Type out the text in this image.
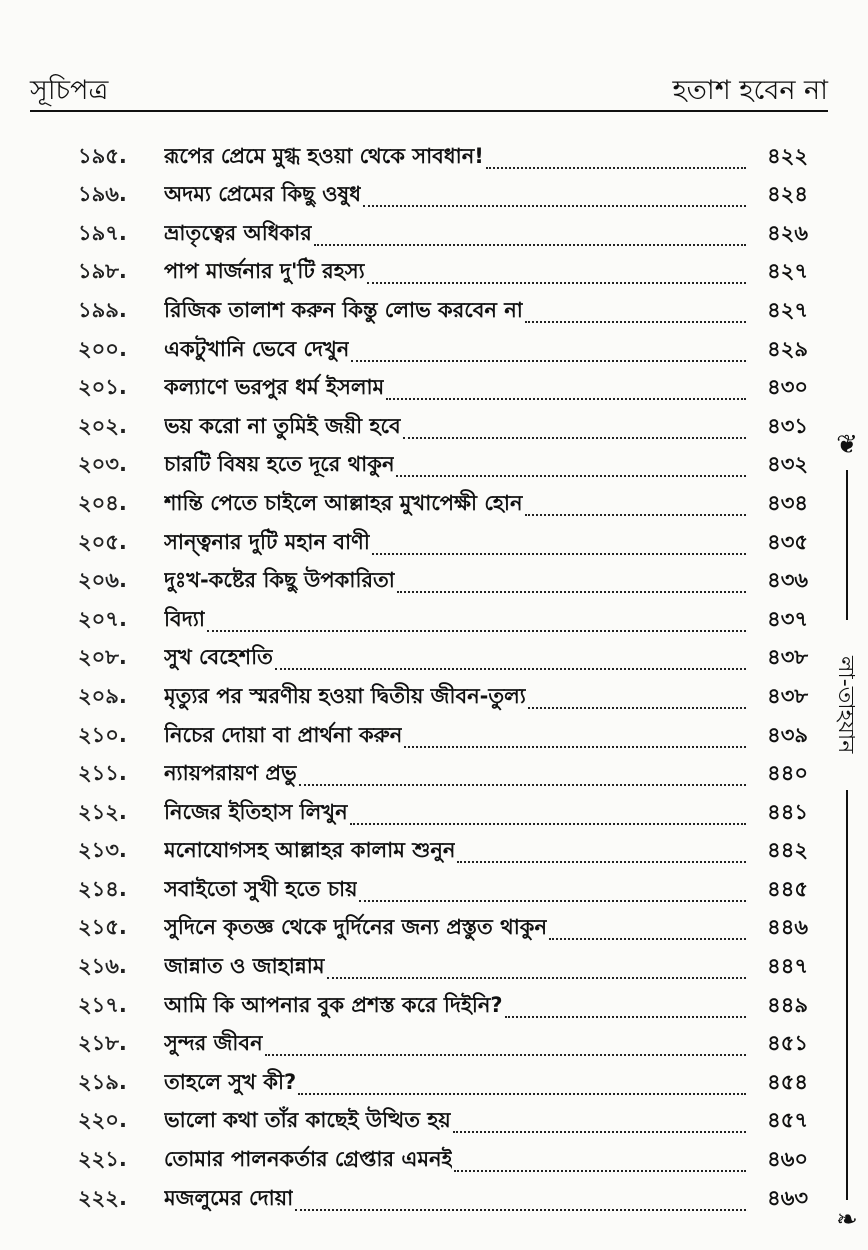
সূচিপত্র	হতাশ হবেন না
১৯৫.	রূপের প্রেমে মুগ্ধ হওয়া থেকে সাবধান!	৪২২
১৯৬.	অদম্য প্রেমের কিছু ওষুধ	৪২৪
১৯৭.	ভ্রাতৃত্বের অধিকার	৪২৬
১৯৮.	পাপ মার্জনার দু'টি রহস্য	৪২৭
১৯৯.	রিজিক তালাশ করুন কিন্তু লোভ করবেন না	৪২৭
২০০.	একটুখানি ভেবে দেখুন	৪২৯
২০১.	কল্যাণে ভরপুর ধর্ম ইসলাম	৪৩০
২০২.	ভয় করো না তুমিই জয়ী হবে	৪৩১
২০৩.	চারটি বিষয় হতে দূরে থাকুন	৪৩২
২০৪.	শান্তি পেতে চাইলে আল্লাহর মুখাপেক্ষী হোন	৪৩৪
২০৫.	সান্ত্বনার দুটি মহান বাণী	৪৩৫
২০৬.	দুঃখ-কষ্টের কিছু উপকারিতা	৪৩৬
২০৭.	বিদ্যা	৪৩৭
২০৮.	সুখ বেহেশতি	৪৩৮
২০৯.	মৃত্যুর পর স্মরণীয় হওয়া দ্বিতীয় জীবন-তুল্য	৪৩৮
২১০.	নিচের দোয়া বা প্রার্থনা করুন	৪৩৯
২১১.	ন্যায়পরায়ণ প্রভু	৪৪০
২১২.	নিজের ইতিহাস লিখুন	৪৪১
২১৩.	মনোযোগসহ আল্লাহর কালাম শুনুন	৪৪২
২১৪.	সবাইতো সুখী হতে চায়	৪৪৫
২১৫.	সুদিনে কৃতজ্ঞ থেকে দুর্দিনের জন্য প্রস্তুত থাকুন	৪৪৬
২১৬.	জান্নাত ও জাহান্নাম	৪৪৭
২১৭.	আমি কি আপনার বুক প্রশস্ত করে দিইনি?	৪৪৯
২১৮.	সুন্দর জীবন	৪৫১
২১৯.	তাহলে সুখ কী?	৪৫৪
২২০.	ভালো কথা তাঁর কাছেই উত্থিত হয়	৪৫৭
২২১.	তোমার পালনকর্তার গ্রেপ্তার এমনই	৪৬০
২২২.	মজলুমের দোয়া	৪৬৩
❦
লা-তাহযান
❧
